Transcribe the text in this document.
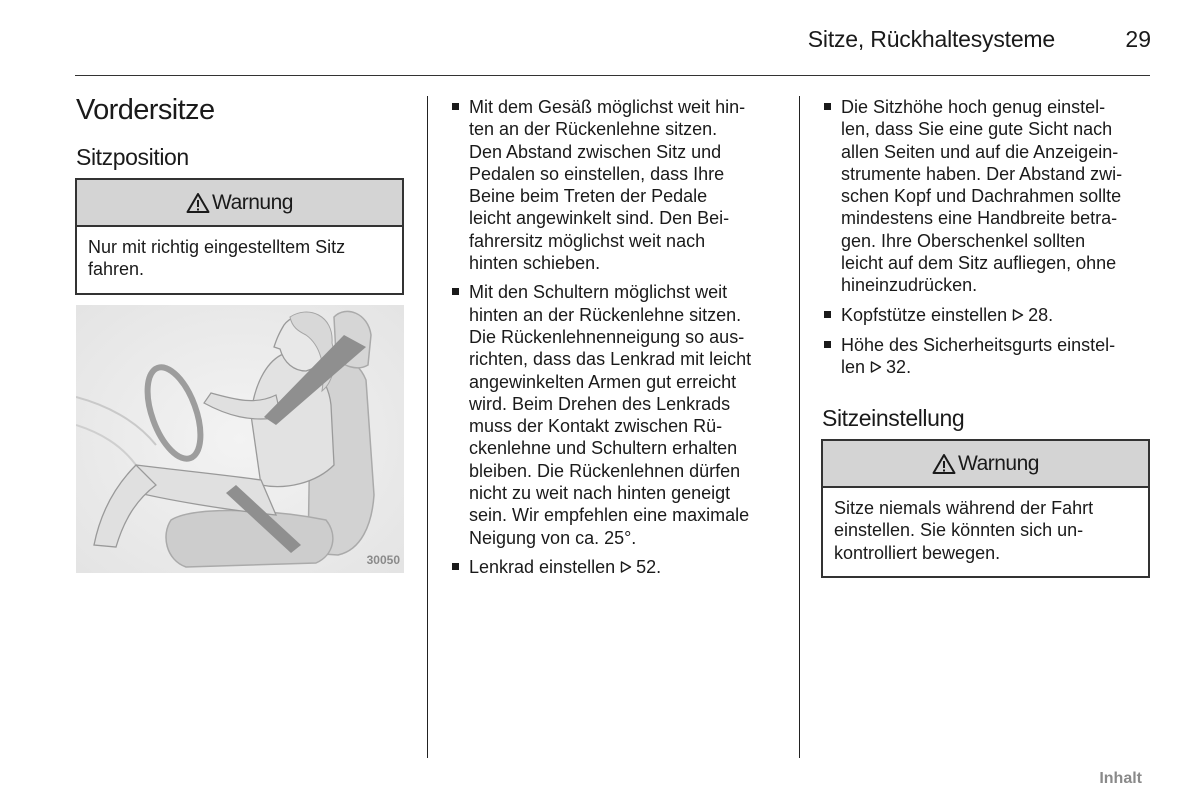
Sitze, Rückhaltesysteme	29
Vordersitze
Sitzposition
Warnung
Nur mit richtig eingestelltem Sitz
fahren.
30050
Mit dem Gesäß möglichst weit hin-
ten an der Rückenlehne sitzen.
Den Abstand zwischen Sitz und
Pedalen so einstellen, dass Ihre
Beine beim Treten der Pedale
leicht angewinkelt sind. Den Bei-
fahrersitz möglichst weit nach
hinten schieben.
Mit den Schultern möglichst weit
hinten an der Rückenlehne sitzen.
Die Rückenlehnenneigung so aus-
richten, dass das Lenkrad mit leicht
angewinkelten Armen gut erreicht
wird. Beim Drehen des Lenkrads
muss der Kontakt zwischen Rü-
ckenlehne und Schultern erhalten
bleiben. Die Rückenlehnen dürfen
nicht zu weit nach hinten geneigt
sein. Wir empfehlen eine maximale
Neigung von ca. 25°.
Lenkrad einstellen 52.
Die Sitzhöhe hoch genug einstel-
len, dass Sie eine gute Sicht nach
allen Seiten und auf die Anzeigein-
strumente haben. Der Abstand zwi-
schen Kopf und Dachrahmen sollte
mindestens eine Handbreite betra-
gen. Ihre Oberschenkel sollten
leicht auf dem Sitz aufliegen, ohne
hineinzudrücken.
Kopfstütze einstellen 28.
Höhe des Sicherheitsgurts einstel-
len 32.
Sitzeinstellung
Warnung
Sitze niemals während der Fahrt
einstellen. Sie könnten sich un-
kontrolliert bewegen.
Inhalt
